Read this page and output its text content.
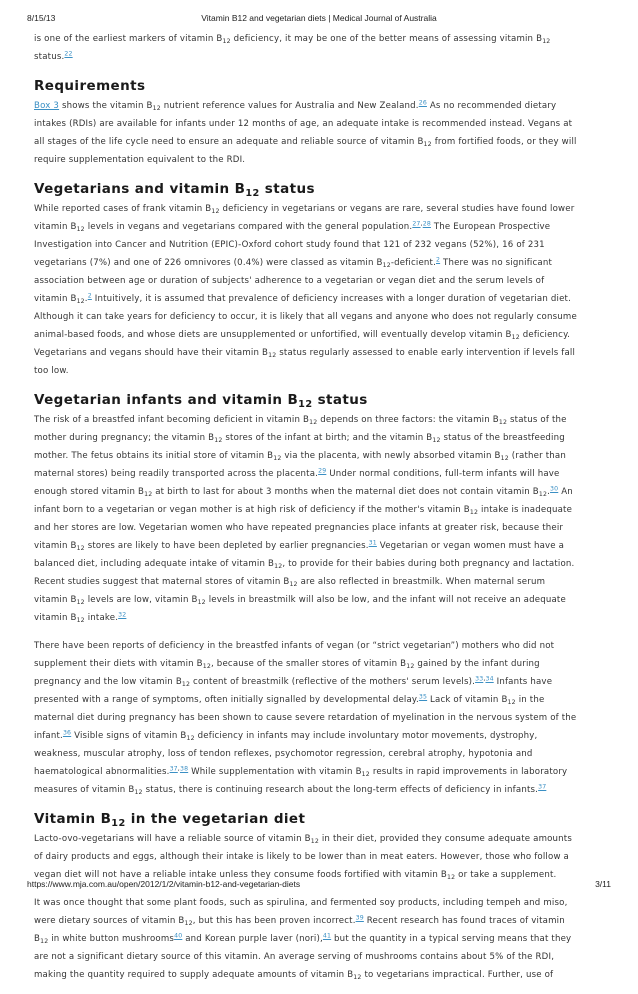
8/15/13	Vitamin B12 and vegetarian diets | Medical Journal of Australia

is one of the earliest markers of vitamin $B_{12}$ deficiency, it may be one of the better means of assessing vitamin $B_{12}$
status.$^{22}$

Requirements

Box 3 shows the vitamin $B_{12}$ nutrient reference values for Australia and New Zealand.$^{26}$ As no recommended dietary intakes (RDIs) are available for infants under 12 months of age, an adequate intake is recommended instead. Vegans at all stages of the life cycle need to ensure an adequate and reliable source of vitamin $B_{12}$ from fortified foods, or they will require supplementation equivalent to the RDI.

Vegetarians and vitamin $B_{12}$ status

While reported cases of frank vitamin $B_{12}$ deficiency in vegetarians or vegans are rare, several studies have found lower vitamin $B_{12}$ levels in vegans and vegetarians compared with the general population.$^{27,28}$ The European Prospective Investigation into Cancer and Nutrition (EPIC)-Oxford cohort study found that 121 of 232 vegans (52%), 16 of 231 vegetarians (7%) and one of 226 omnivores (0.4%) were classed as vitamin $B_{12}-deficient.^2$ There was no significant association between age or duration of subjects' adherence to a vegetarian or vegan diet and the serum levels of vitamin $B_{12}.^2$ Intuitively, it is assumed that prevalence of deficiency increases with a longer duration of vegetarian diet. Although it can take years for deficiency to occur, it is likely that all vegans and anyone who does not regularly consume animal-based foods, and whose diets are unsupplemented or unfortified, will eventually develop vitamin $B_{12}$ deficiency. Vegetarians and vegans should have their vitamin $B_{12}$ status regularly assessed to enable early intervention if levels fall too low.

Vegetarian infants and vitamin $B_{12}$ status

The risk of a breastfed infant becoming deficient in vitamin $B_{12}$ depends on three factors: the vitamin $B_{12}$ status of the mother during pregnancy; the vitamin $B_{12}$ stores of the infant at birth; and the vitamin $B_{12}$ status of the breastfeeding mother. The fetus obtains its initial store of vitamin $B_{12}$ via the placenta, with newly absorbed vitamin $B_{12}$ (rather than maternal stores) being readily transported across the placenta.$^{29}$ Under normal conditions, full-term infants will have enough stored vitamin $B_{12}$ at birth to last for about 3 months when the maternal diet does not contain vitamin $B_{12}.^{30}$ An infant born to a vegetarian or vegan mother is at high risk of deficiency if the mother's vitamin $B_{12}$ intake is inadequate and her stores are low. Vegetarian women who have repeated pregnancies place infants at greater risk, because their vitamin $B_{12}$ stores are likely to have been depleted by earlier pregnancies.$^{31}$ Vegetarian or vegan women must have a balanced diet, including adequate intake of vitamin $B_{12}$, to provide for their babies during both pregnancy and lactation. Recent studies suggest that maternal stores of vitamin $B_{12}$ are also reflected in breastmilk. When maternal serum vitamin $B_{12}$ levels are low, vitamin $B_{12}$ levels in breastmilk will also be low, and the infant will not receive an adequate vitamin $B_{12}$ intake.$^{32}$

There have been reports of deficiency in the breastfed infants of vegan (or “strict vegetarian”) mothers who did not supplement their diets with vitamin $B_{12}$, because of the smaller stores of vitamin $B_{12}$ gained by the infant during pregnancy and the low vitamin $B_{12}$ content of breastmilk (reflective of the mothers' serum levels).$^{33,34}$ Infants have presented with a range of symptoms, often initially signalled by developmental delay.$^{35}$ Lack of vitamin $B_{12}$ in the maternal diet during pregnancy has been shown to cause severe retardation of myelination in the nervous system of the infant.$^{36}$ Visible signs of vitamin $B_{12}$ deficiency in infants may include involuntary motor movements, dystrophy, weakness, muscular atrophy, loss of tendon reflexes, psychomotor regression, cerebral atrophy, hypotonia and haematological abnormalities.$^{37,38}$ While supplementation with vitamin $B_{12}$ results in rapid improvements in laboratory measures of vitamin $B_{12}$ status, there is continuing research about the long-term effects of deficiency in infants.$^{37}$

Vitamin $B_{12}$ in the vegetarian diet

Lacto-ovo-vegetarians will have a reliable source of vitamin $B_{12}$ in their diet, provided they consume adequate amounts of dairy products and eggs, although their intake is likely to be lower than in meat eaters. However, those who follow a vegan diet will not have a reliable intake unless they consume foods fortified with vitamin $B_{12}$ or take a supplement.

It was once thought that some plant foods, such as spirulina, and fermented soy products, including tempeh and miso, were dietary sources of vitamin $B_{12}$, but this has been proven incorrect.$^{39}$ Recent research has found traces of vitamin $B_{12}$ in white button mushrooms$^{40}$ and Korean purple laver (nori),$^{41}$ but the quantity in a typical serving means that they are not a significant dietary source of this vitamin. An average serving of mushrooms contains about 5% of the RDI, making the quantity required to supply adequate amounts of vitamin $B_{12}$ to vegetarians impractical. Further, use of

https://www.mja.com.au/open/2012/1/2/vitamin-b12-and-vegetarian-diets	3/11
